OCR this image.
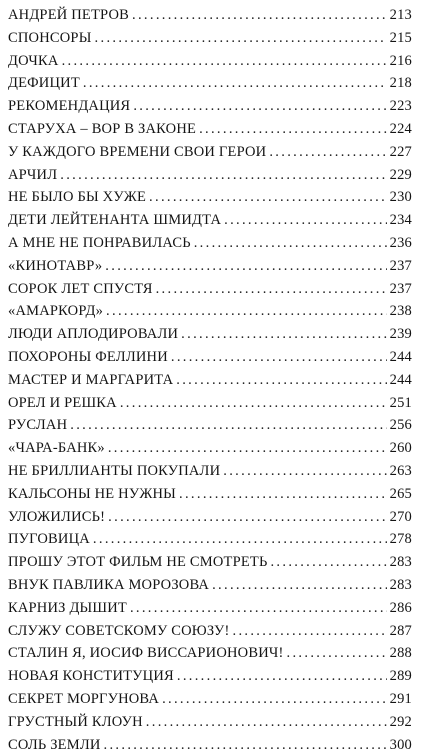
АНДРЕЙ ПЕТРОВ . . .	213
СПОНСОРЫ . . .	215
ДОЧКА . . .	216
ДЕФИЦИТ . . .	218
РЕКОМЕНДАЦИЯ . . .	223
СТАРУХА – ВОР В ЗАКОНЕ . . .	224
У КАЖДОГО ВРЕМЕНИ СВОИ ГЕРОИ . . .	227
АРЧИЛ . . .	229
НЕ БЫЛО БЫ ХУЖЕ . . .	230
ДЕТИ ЛЕЙТЕНАНТА ШМИДТА . . .	234
А МНЕ НЕ ПОНРАВИЛАСЬ . . .	236
«КИНОТАВР» . . .	237
СОРОК ЛЕТ СПУСТЯ . . .	237
«АМАРКОРД» . . .	238
ЛЮДИ АПЛОДИРОВАЛИ . . .	239
ПОХОРОНЫ ФЕЛЛИНИ . . .	244
МАСТЕР И МАРГАРИТА . . .	244
ОРЕЛ И РЕШКА . . .	251
РУСЛАН . . .	256
«ЧАРА-БАНК» . . .	260
НЕ БРИЛЛИАНТЫ ПОКУПАЛИ . . .	263
КАЛЬСОНЫ НЕ НУЖНЫ . . .	265
УЛОЖИЛИСЬ! . . .	270
ПУГОВИЦА . . .	278
ПРОШУ ЭТОТ ФИЛЬМ НЕ СМОТРЕТЬ . . .	283
ВНУК ПАВЛИКА МОРОЗОВА . . .	283
КАРНИЗ ДЫШИТ . . .	286
СЛУЖУ СОВЕТСКОМУ СОЮЗУ! . . .	287
СТАЛИН Я, ИОСИФ ВИССАРИОНОВИЧ! . . .	288
НОВАЯ КОНСТИТУЦИЯ . . .	289
СЕКРЕТ МОРГУНОВА . . .	291
ГРУСТНЫЙ КЛОУН . . .	292
СОЛЬ ЗЕМЛИ . . .	300
